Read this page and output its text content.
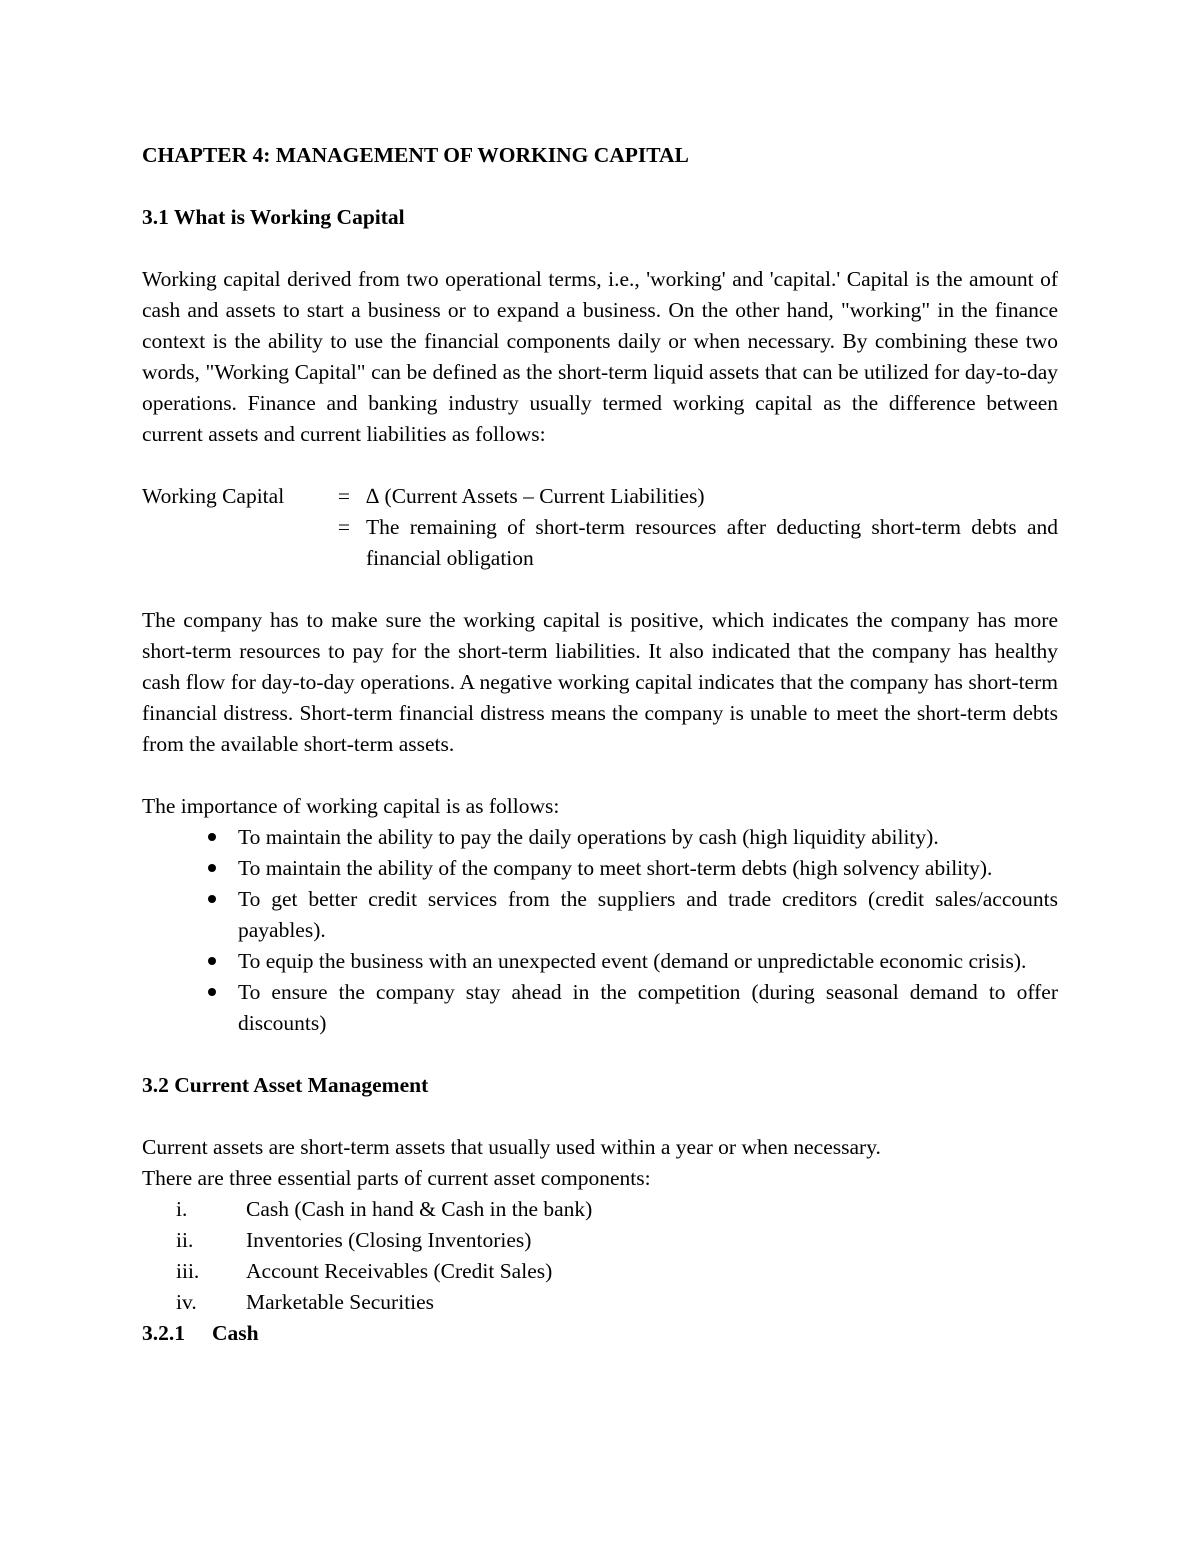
CHAPTER 4: MANAGEMENT OF WORKING CAPITAL
3.1 What is Working Capital

Working capital derived from two operational terms, i.e., 'working' and 'capital.' Capital is the amount of cash and assets to start a business or to expand a business. On the other hand, "working" in the finance context is the ability to use the financial components daily or when necessary. By combining these two words, "Working Capital" can be defined as the short-term liquid assets that can be utilized for day-to-day operations. Finance and banking industry usually termed working capital as the difference between current assets and current liabilities as follows:

Working Capital	= ∆ (Current Assets – Current Liabilities)
= The remaining of short-term resources after deducting short-term debts and financial obligation

The company has to make sure the working capital is positive, which indicates the company has more short-term resources to pay for the short-term liabilities. It also indicated that the company has healthy cash flow for day-to-day operations. A negative working capital indicates that the company has short-term financial distress. Short-term financial distress means the company is unable to meet the short-term debts from the available short-term assets.

The importance of working capital is as follows:
To maintain the ability to pay the daily operations by cash (high liquidity ability).
To maintain the ability of the company to meet short-term debts (high solvency ability).
To get better credit services from the suppliers and trade creditors (credit sales/accounts payables).
To equip the business with an unexpected event (demand or unpredictable economic crisis).
To ensure the company stay ahead in the competition (during seasonal demand to offer discounts)
3.2 Current Asset Management
Current assets are short-term assets that usually used within a year or when necessary.
There are three essential parts of current asset components:
i.	Cash (Cash in hand & Cash in the bank)
ii.	Inventories (Closing Inventories)
iii.	Account Receivables (Credit Sales)
iv.	Marketable Securities
3.2.1	Cash
